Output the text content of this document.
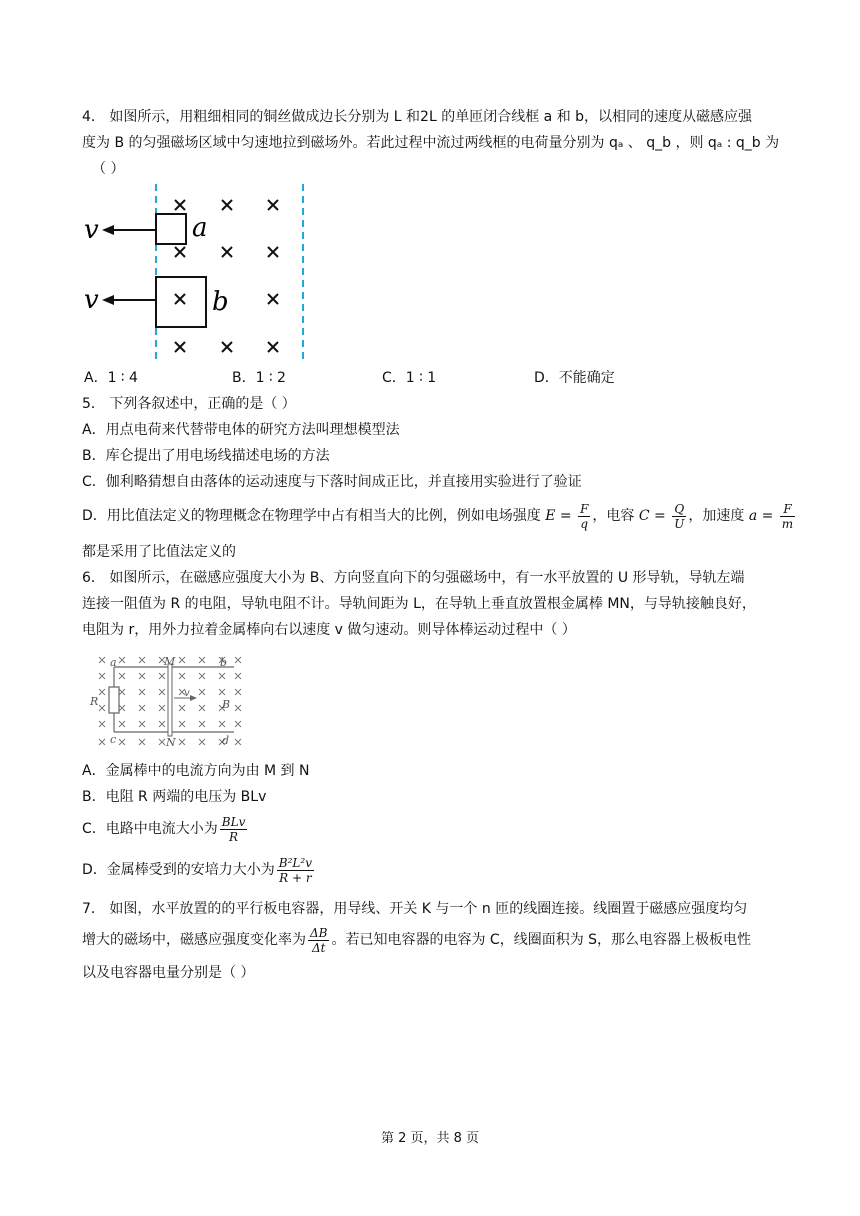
4． 如图所示，用粗细相同的铜丝做成边长分别为 L 和2L 的单匝闭合线框 a 和 b，以相同的速度从磁感应强
度为 B 的匀强磁场区域中匀速地拉到磁场外。若此过程中流过两线框的电荷量分别为 qₐ 、 q_b ，则 qₐ : q_b 为
（ ）
v
v
a
b
A．1 ∶ 4	B．1 ∶ 2	C．1 ∶ 1	D．不能确定
5． 下列各叙述中，正确的是（ ）
A．用点电荷来代替带电体的研究方法叫理想模型法
B．库仑提出了用电场线描述电场的方法
C．伽利略猜想自由落体的运动速度与下落时间成正比，并直接用实验进行了验证
D．用比值法定义的物理概念在物理学中占有相当大的比例，例如电场强度 $E = \frac{F}{q}$ ，电容 $C = \frac{Q}{U}$ ，加速度 $a = \frac{F}{m}$
都是采用了比值法定义的
6． 如图所示，在磁感应强度大小为 B、方向竖直向下的匀强磁场中，有一水平放置的 U 形导轨，导轨左端
连接一阻值为 R 的电阻，导轨电阻不计。导轨间距为 L，在导轨上垂直放置根金属棒 MN，与导轨接触良好，
电阻为 r，用外力拉着金属棒向右以速度 v 做匀速动。则导体棒运动过程中（ ）
a	M	b
R
v
B
c	N	d
A．金属棒中的电流方向为由 M 到 N
B．电阻 R 两端的电压为 BLv
C．电路中电流大小为 $\frac{\text{BLv}}{R}$
D．金属棒受到的安培力大小为 $\frac{\text{B²L²v}}{R + r}$
7． 如图，水平放置的的平行板电容器，用导线、开关 K 与一个 n 匝的线圈连接。线圈置于磁感应强度均匀
增大的磁场中，磁感应强度变化率为 $\frac{\Delta B}{\Delta t}$ 。若已知电容器的电容为 C，线圈面积为 S，那么电容器上极板电性
以及电容器电量分别是（ ）
第 2 页，共 8 页
